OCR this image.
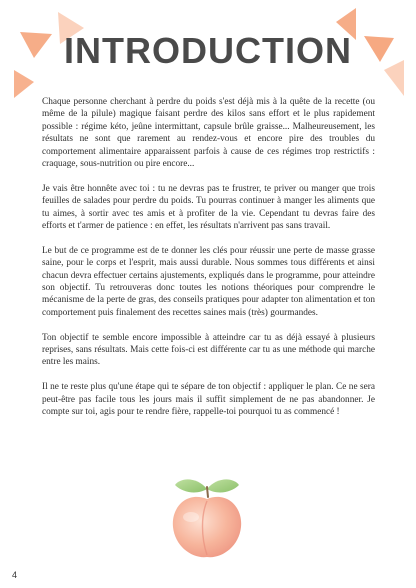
INTRODUCTION

Chaque personne cherchant à perdre du poids s'est déjà mis à la quête de la recette (ou même de la pilule) magique faisant perdre des kilos sans effort et le plus rapidement possible : régime kéto, jeûne intermittant, capsule brûle graisse... Malheureusement, les résultats ne sont que rarement au rendez-vous et encore pire des troubles du comportement alimentaire apparaissent parfois à cause de ces régimes trop restrictifs : craquage, sous-nutrition ou pire encore...

Je vais être honnête avec toi : tu ne devras pas te frustrer, te priver ou manger que trois feuilles de salades pour perdre du poids. Tu pourras continuer à manger les aliments que tu aimes, à sortir avec tes amis et à profiter de la vie. Cependant tu devras faire des efforts et t'armer de patience : en effet, les résultats n'arrivent pas sans travail.

Le but de ce programme est de te donner les clés pour réussir une perte de masse grasse saine, pour le corps et l'esprit, mais aussi durable. Nous sommes tous différents et ainsi chacun devra effectuer certains ajustements, expliqués dans le programme, pour atteindre son objectif. Tu retrouveras donc toutes les notions théoriques pour comprendre le mécanisme de la perte de gras, des conseils pratiques pour adapter ton alimentation et ton comportement puis finalement des recettes saines mais (très) gourmandes.

Ton objectif te semble encore impossible à atteindre car tu as déjà essayé à plusieurs reprises, sans résultats. Mais cette fois-ci est différente car tu as une méthode qui marche entre les mains.

Il ne te reste plus qu'une étape qui te sépare de ton objectif : appliquer le plan. Ce ne sera peut-être pas facile tous les jours mais il suffit simplement de ne pas abandonner. Je compte sur toi, agis pour te rendre fière, rappelle-toi pourquoi tu as commencé !

4
